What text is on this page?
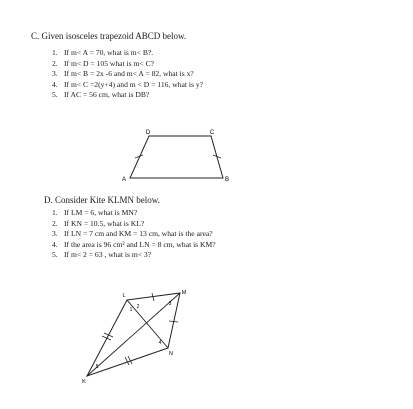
C. Given isosceles trapezoid ABCD below.
1. If m< A = 70, what is m< B?.
2. If m< D = 105 what is m< C?
3. If m< B = 2x -6 and m< A = 82, what is x?
4. If m< C =2(y+4) and m < D = 116, what is y?
5. If AC = 56 cm, what is DB?
D	C
A	B
D. Consider Kite KLMN below.
1. If LM = 6, what is MN?
2. If KN = 10.5, what is KL?
3. If LN = 7 cm and KM = 13 cm, what is the area?
4. If the area is 96 cm² and LN = 8 cm, what is KM?
5. If m< 2 = 63 , what is m< 3?
L	M
N
K
1 2	3
4
5
